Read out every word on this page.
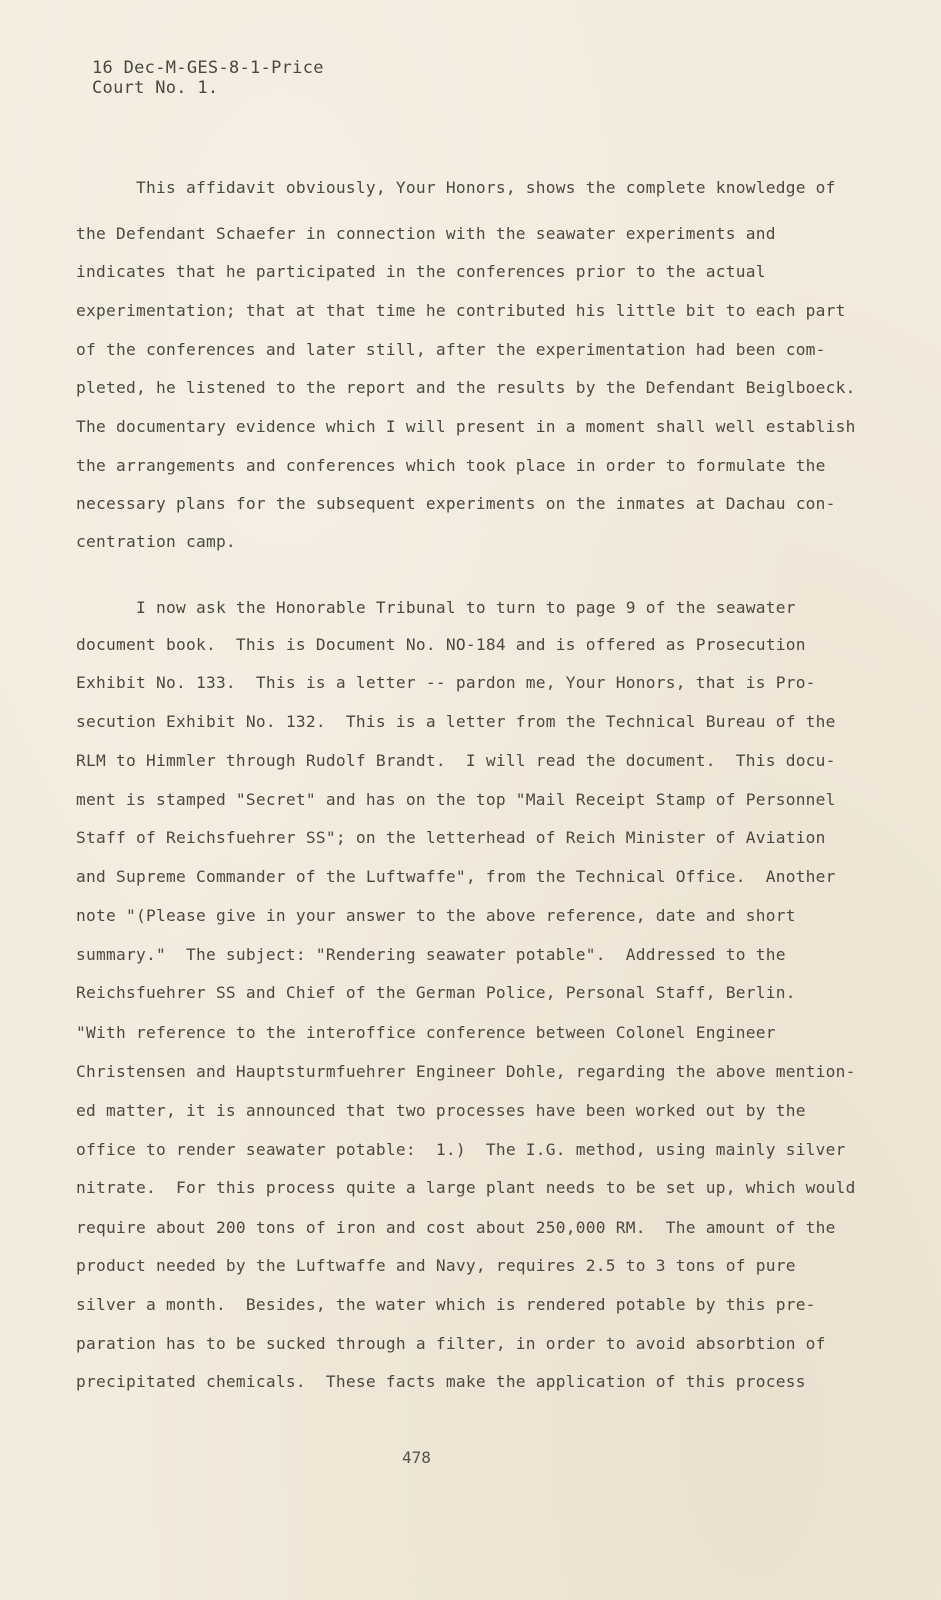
16 Dec-M-GES-8-1-Price
Court No. 1.
This affidavit obviously, Your Honors, shows the complete knowledge of
the Defendant Schaefer in connection with the seawater experiments and
indicates that he participated in the conferences prior to the actual
experimentation; that at that time he contributed his little bit to each part
of the conferences and later still, after the experimentation had been com-
pleted, he listened to the report and the results by the Defendant Beiglboeck.
The documentary evidence which I will present in a moment shall well establish
the arrangements and conferences which took place in order to formulate the
necessary plans for the subsequent experiments on the inmates at Dachau con-
centration camp.
I now ask the Honorable Tribunal to turn to page 9 of the seawater
document book.  This is Document No. NO-184 and is offered as Prosecution
Exhibit No. 133.  This is a letter -- pardon me, Your Honors, that is Pro-
secution Exhibit No. 132.  This is a letter from the Technical Bureau of the
RLM to Himmler through Rudolf Brandt.  I will read the document.  This docu-
ment is stamped "Secret" and has on the top "Mail Receipt Stamp of Personnel
Staff of Reichsfuehrer SS"; on the letterhead of Reich Minister of Aviation
and Supreme Commander of the Luftwaffe", from the Technical Office.  Another
note "(Please give in your answer to the above reference, date and short
summary."  The subject: "Rendering seawater potable".  Addressed to the
Reichsfuehrer SS and Chief of the German Police, Personal Staff, Berlin.
"With reference to the interoffice conference between Colonel Engineer
Christensen and Hauptsturmfuehrer Engineer Dohle, regarding the above mention-
ed matter, it is announced that two processes have been worked out by the
office to render seawater potable:  1.)  The I.G. method, using mainly silver
nitrate.  For this process quite a large plant needs to be set up, which would
require about 200 tons of iron and cost about 250,000 RM.  The amount of the
product needed by the Luftwaffe and Navy, requires 2.5 to 3 tons of pure
silver a month.  Besides, the water which is rendered potable by this pre-
paration has to be sucked through a filter, in order to avoid absorbtion of
precipitated chemicals.  These facts make the application of this process
478
